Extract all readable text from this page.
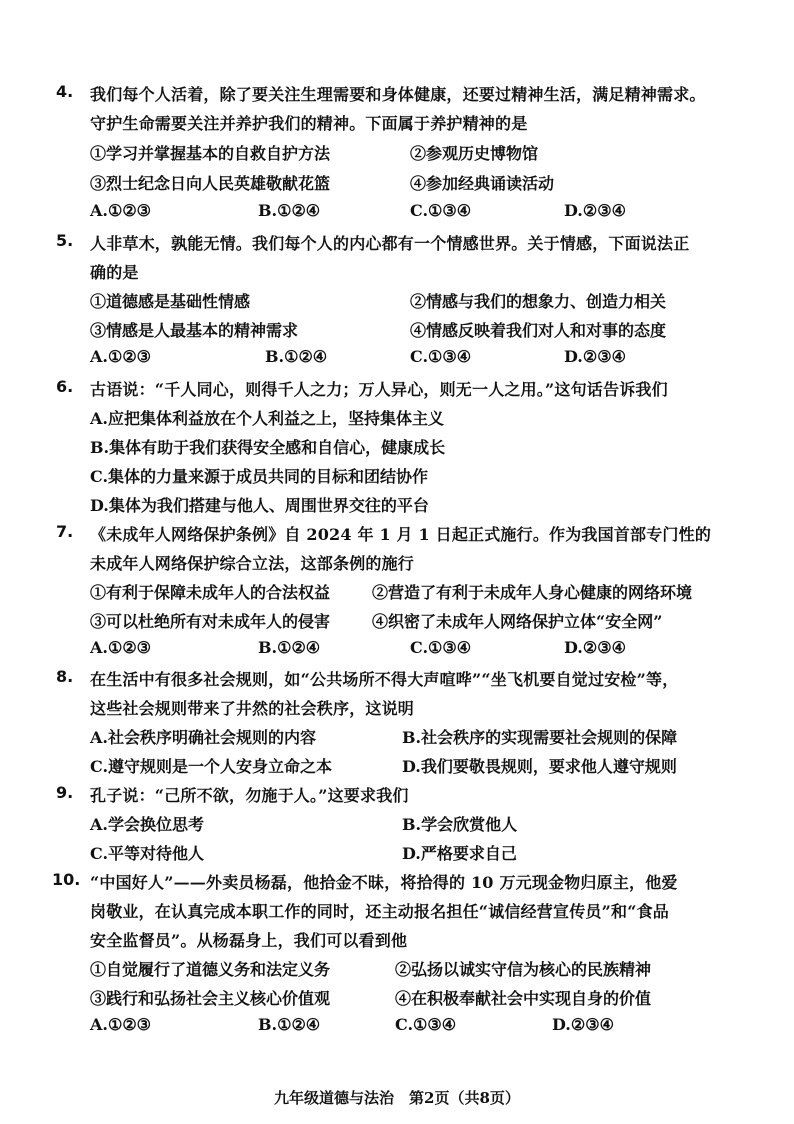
4. 我们每个人活着，除了要关注生理需要和身体健康，还要过精神生活，满足精神需求。
守护生命需要关注并养护我们的精神。下面属于养护精神的是
①学习并掌握基本的自救自护方法	②参观历史博物馆
③烈士纪念日向人民英雄敬献花篮	④参加经典诵读活动
A.①②③	B.①②④	C.①③④	D.②③④
5. 人非草木，孰能无情。我们每个人的内心都有一个情感世界。关于情感，下面说法正
确的是
①道德感是基础性情感	②情感与我们的想象力、创造力相关
③情感是人最基本的精神需求	④情感反映着我们对人和对事的态度
A.①②③	B.①②④	C.①③④	D.②③④
6. 古语说：“千人同心，则得千人之力；万人异心，则无一人之用。”这句话告诉我们
A.应把集体利益放在个人利益之上，坚持集体主义
B.集体有助于我们获得安全感和自信心，健康成长
C.集体的力量来源于成员共同的目标和团结协作
D.集体为我们搭建与他人、周围世界交往的平台
7. 《未成年人网络保护条例》自 2024 年 1 月 1 日起正式施行。作为我国首部专门性的
未成年人网络保护综合立法，这部条例的施行
①有利于保障未成年人的合法权益	②营造了有利于未成年人身心健康的网络环境
③可以杜绝所有对未成年人的侵害	④织密了未成年人网络保护立体“安全网”
A.①②③	B.①②④	C.①③④	D.②③④
8. 在生活中有很多社会规则，如“公共场所不得大声喧哗”“坐飞机要自觉过安检”等，
这些社会规则带来了井然的社会秩序，这说明
A.社会秩序明确社会规则的内容	B.社会秩序的实现需要社会规则的保障
C.遵守规则是一个人安身立命之本	D.我们要敬畏规则，要求他人遵守规则
9. 孔子说：“己所不欲，勿施于人。”这要求我们
A.学会换位思考	B.学会欣赏他人
C.平等对待他人	D.严格要求自己
10. “中国好人”——外卖员杨磊，他拾金不昧，将拾得的 10 万元现金物归原主，他爱
岗敬业，在认真完成本职工作的同时，还主动报名担任“诚信经营宣传员”和“食品
安全监督员”。从杨磊身上，我们可以看到他
①自觉履行了道德义务和法定义务	②弘扬以诚实守信为核心的民族精神
③践行和弘扬社会主义核心价值观	④在积极奉献社会中实现自身的价值
A.①②③	B.①②④	C.①③④	D.②③④
九年级道德与法治　第2页（共8页）
